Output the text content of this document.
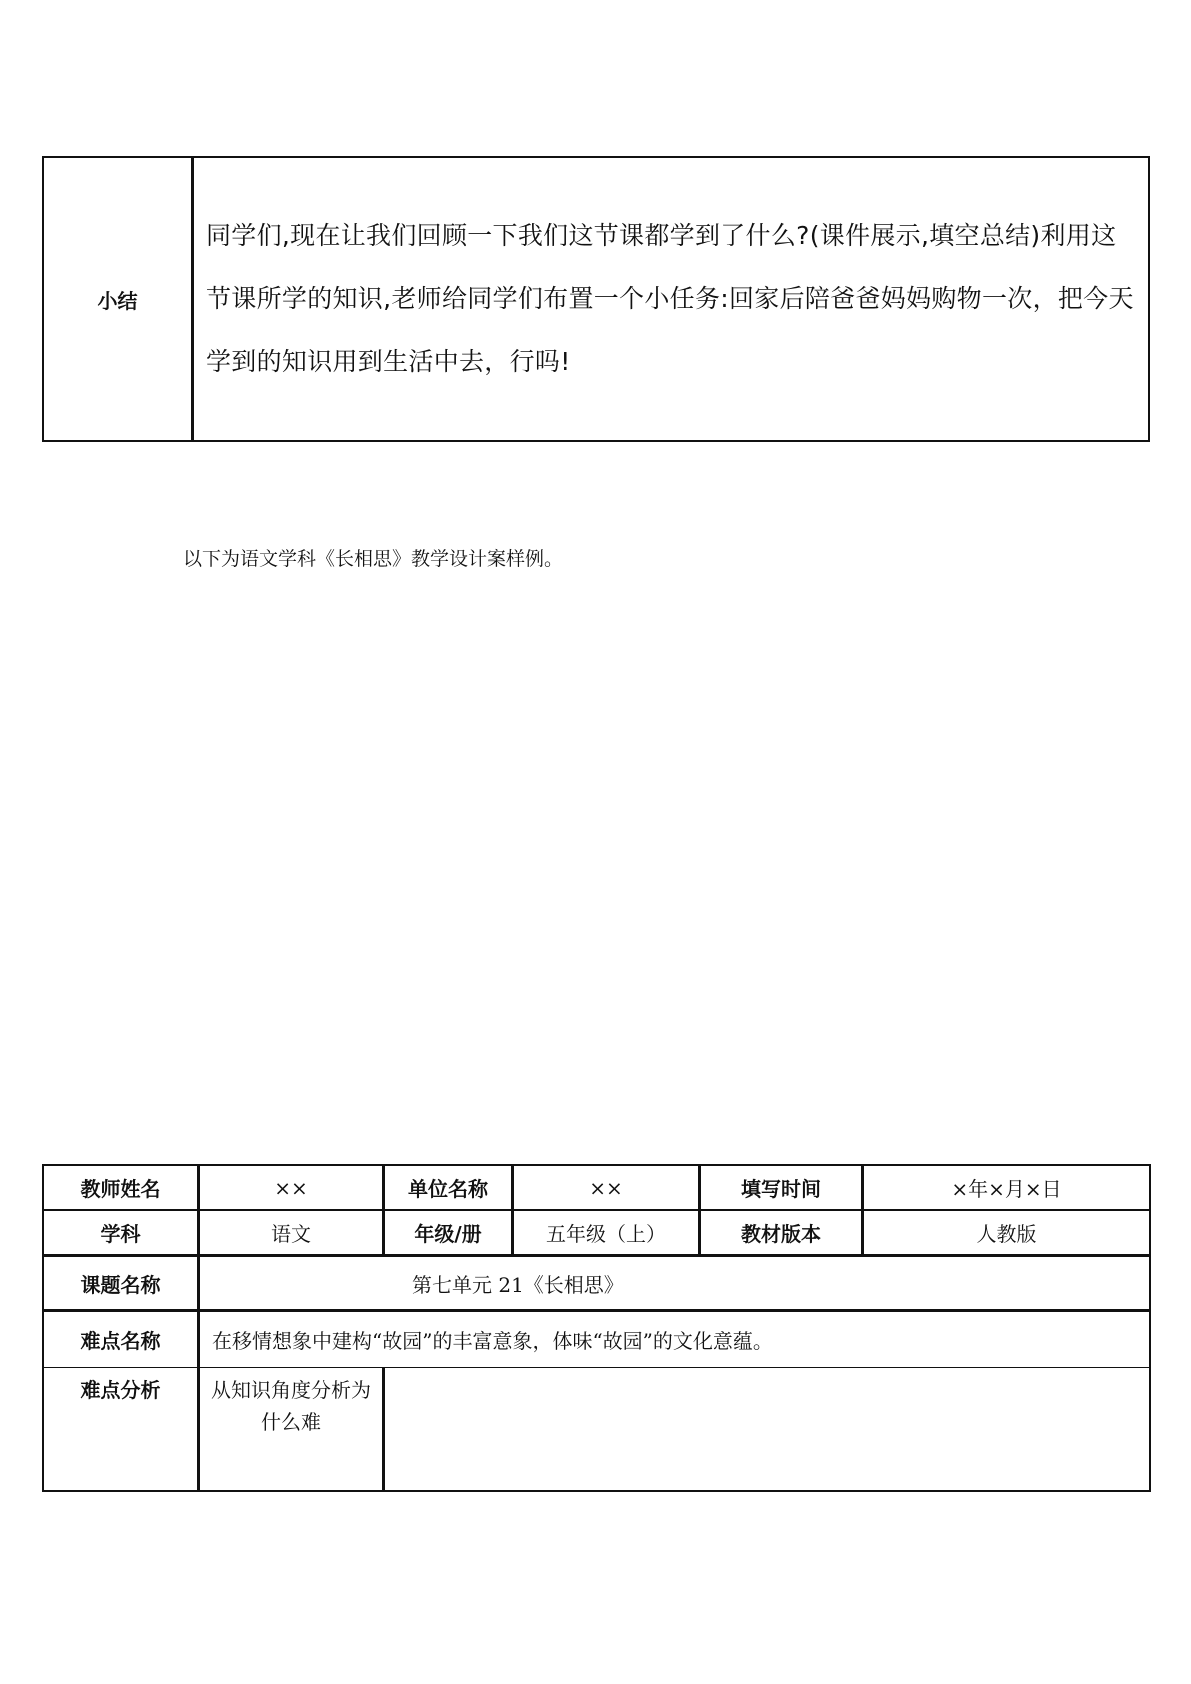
小结

同学们,现在让我们回顾一下我们这节课都学到了什么?(课件展示,填空总结)利用这节课所学的知识,老师给同学们布置一个小任务:回家后陪爸爸妈妈购物一次，把今天学到的知识用到生活中去，行吗!

以下为语文学科《长相思》教学设计案样例。

教师姓名	××	单位名称	××	填写时间	×年×月×日
学科	语文	年级/册	五年级（上）	教材版本	人教版
课题名称	第七单元 21《长相思》
难点名称	在移情想象中建构“故园”的丰富意象，体味“故园”的文化意蕴。
难点分析	从知识角度分析为什么难
